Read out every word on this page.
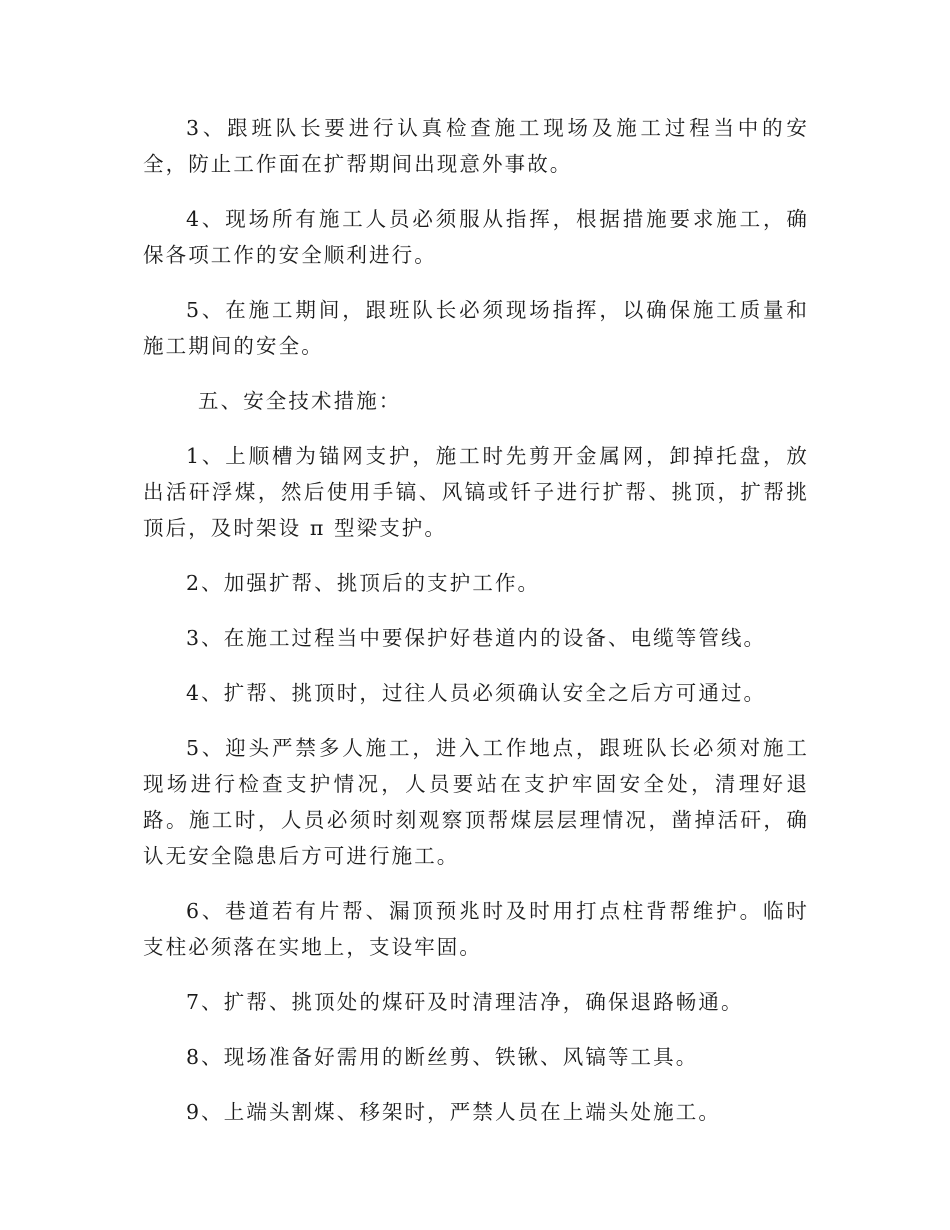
3、跟班队长要进行认真检查施工现场及施工过程当中的安全，防止工作面在扩帮期间出现意外事故。

4、现场所有施工人员必须服从指挥，根据措施要求施工，确保各项工作的安全顺利进行。

5、在施工期间，跟班队长必须现场指挥，以确保施工质量和施工期间的安全。

五、安全技术措施：

1、上顺槽为锚网支护，施工时先剪开金属网，卸掉托盘，放出活矸浮煤，然后使用手镐、风镐或钎子进行扩帮、挑顶，扩帮挑顶后，及时架设 π 型梁支护。

2、加强扩帮、挑顶后的支护工作。

3、在施工过程当中要保护好巷道内的设备、电缆等管线。

4、扩帮、挑顶时，过往人员必须确认安全之后方可通过。

5、迎头严禁多人施工，进入工作地点，跟班队长必须对施工现场进行检查支护情况，人员要站在支护牢固安全处，清理好退路。施工时，人员必须时刻观察顶帮煤层层理情况，凿掉活矸，确认无安全隐患后方可进行施工。

6、巷道若有片帮、漏顶预兆时及时用打点柱背帮维护。临时支柱必须落在实地上，支设牢固。

7、扩帮、挑顶处的煤矸及时清理洁净，确保退路畅通。

8、现场准备好需用的断丝剪、铁锹、风镐等工具。

9、上端头割煤、移架时，严禁人员在上端头处施工。
